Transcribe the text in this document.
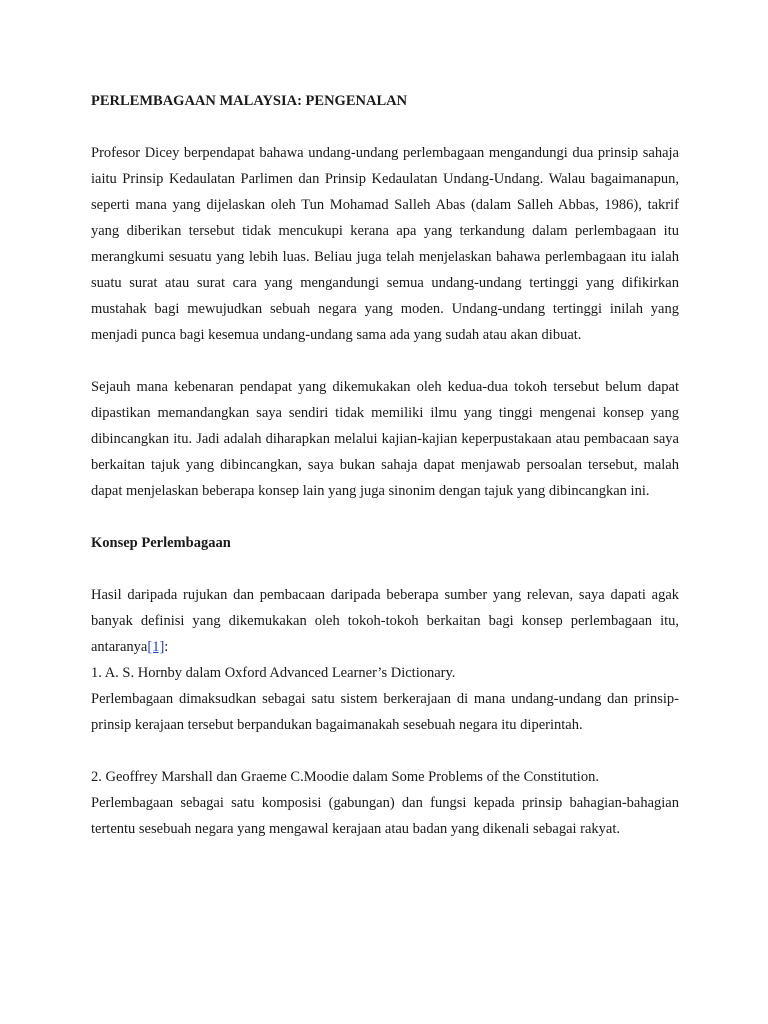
PERLEMBAGAAN MALAYSIA: PENGENALAN

Profesor Dicey berpendapat bahawa undang-undang perlembagaan mengandungi dua prinsip sahaja iaitu Prinsip Kedaulatan Parlimen dan Prinsip Kedaulatan Undang-Undang. Walau bagaimanapun, seperti mana yang dijelaskan oleh Tun Mohamad Salleh Abas (dalam Salleh Abbas, 1986), takrif yang diberikan tersebut tidak mencukupi kerana apa yang terkandung dalam perlembagaan itu merangkumi sesuatu yang lebih luas. Beliau juga telah menjelaskan bahawa perlembagaan itu ialah suatu surat atau surat cara yang mengandungi semua undang-undang tertinggi yang difikirkan mustahak bagi mewujudkan sebuah negara yang moden. Undang-undang tertinggi inilah yang menjadi punca bagi kesemua undang-undang sama ada yang sudah atau akan dibuat.

Sejauh mana kebenaran pendapat yang dikemukakan oleh kedua-dua tokoh tersebut belum dapat dipastikan memandangkan saya sendiri tidak memiliki ilmu yang tinggi mengenai konsep yang dibincangkan itu. Jadi adalah diharapkan melalui kajian-kajian keperpustakaan atau pembacaan saya berkaitan tajuk yang dibincangkan, saya bukan sahaja dapat menjawab persoalan tersebut, malah dapat menjelaskan beberapa konsep lain yang juga sinonim dengan tajuk yang dibincangkan ini.

Konsep Perlembagaan

Hasil daripada rujukan dan pembacaan daripada beberapa sumber yang relevan, saya dapati agak banyak definisi yang dikemukakan oleh tokoh-tokoh berkaitan bagi konsep perlembagaan itu, antaranya[1]:

1. A. S. Hornby dalam Oxford Advanced Learner’s Dictionary.

Perlembagaan dimaksudkan sebagai satu sistem berkerajaan di mana undang-undang dan prinsip-prinsip kerajaan tersebut berpandukan bagaimanakah sesebuah negara itu diperintah.

2. Geoffrey Marshall dan Graeme C.Moodie dalam Some Problems of the Constitution.

Perlembagaan sebagai satu komposisi (gabungan) dan fungsi kepada prinsip bahagian-bahagian tertentu sesebuah negara yang mengawal kerajaan atau badan yang dikenali sebagai rakyat.
